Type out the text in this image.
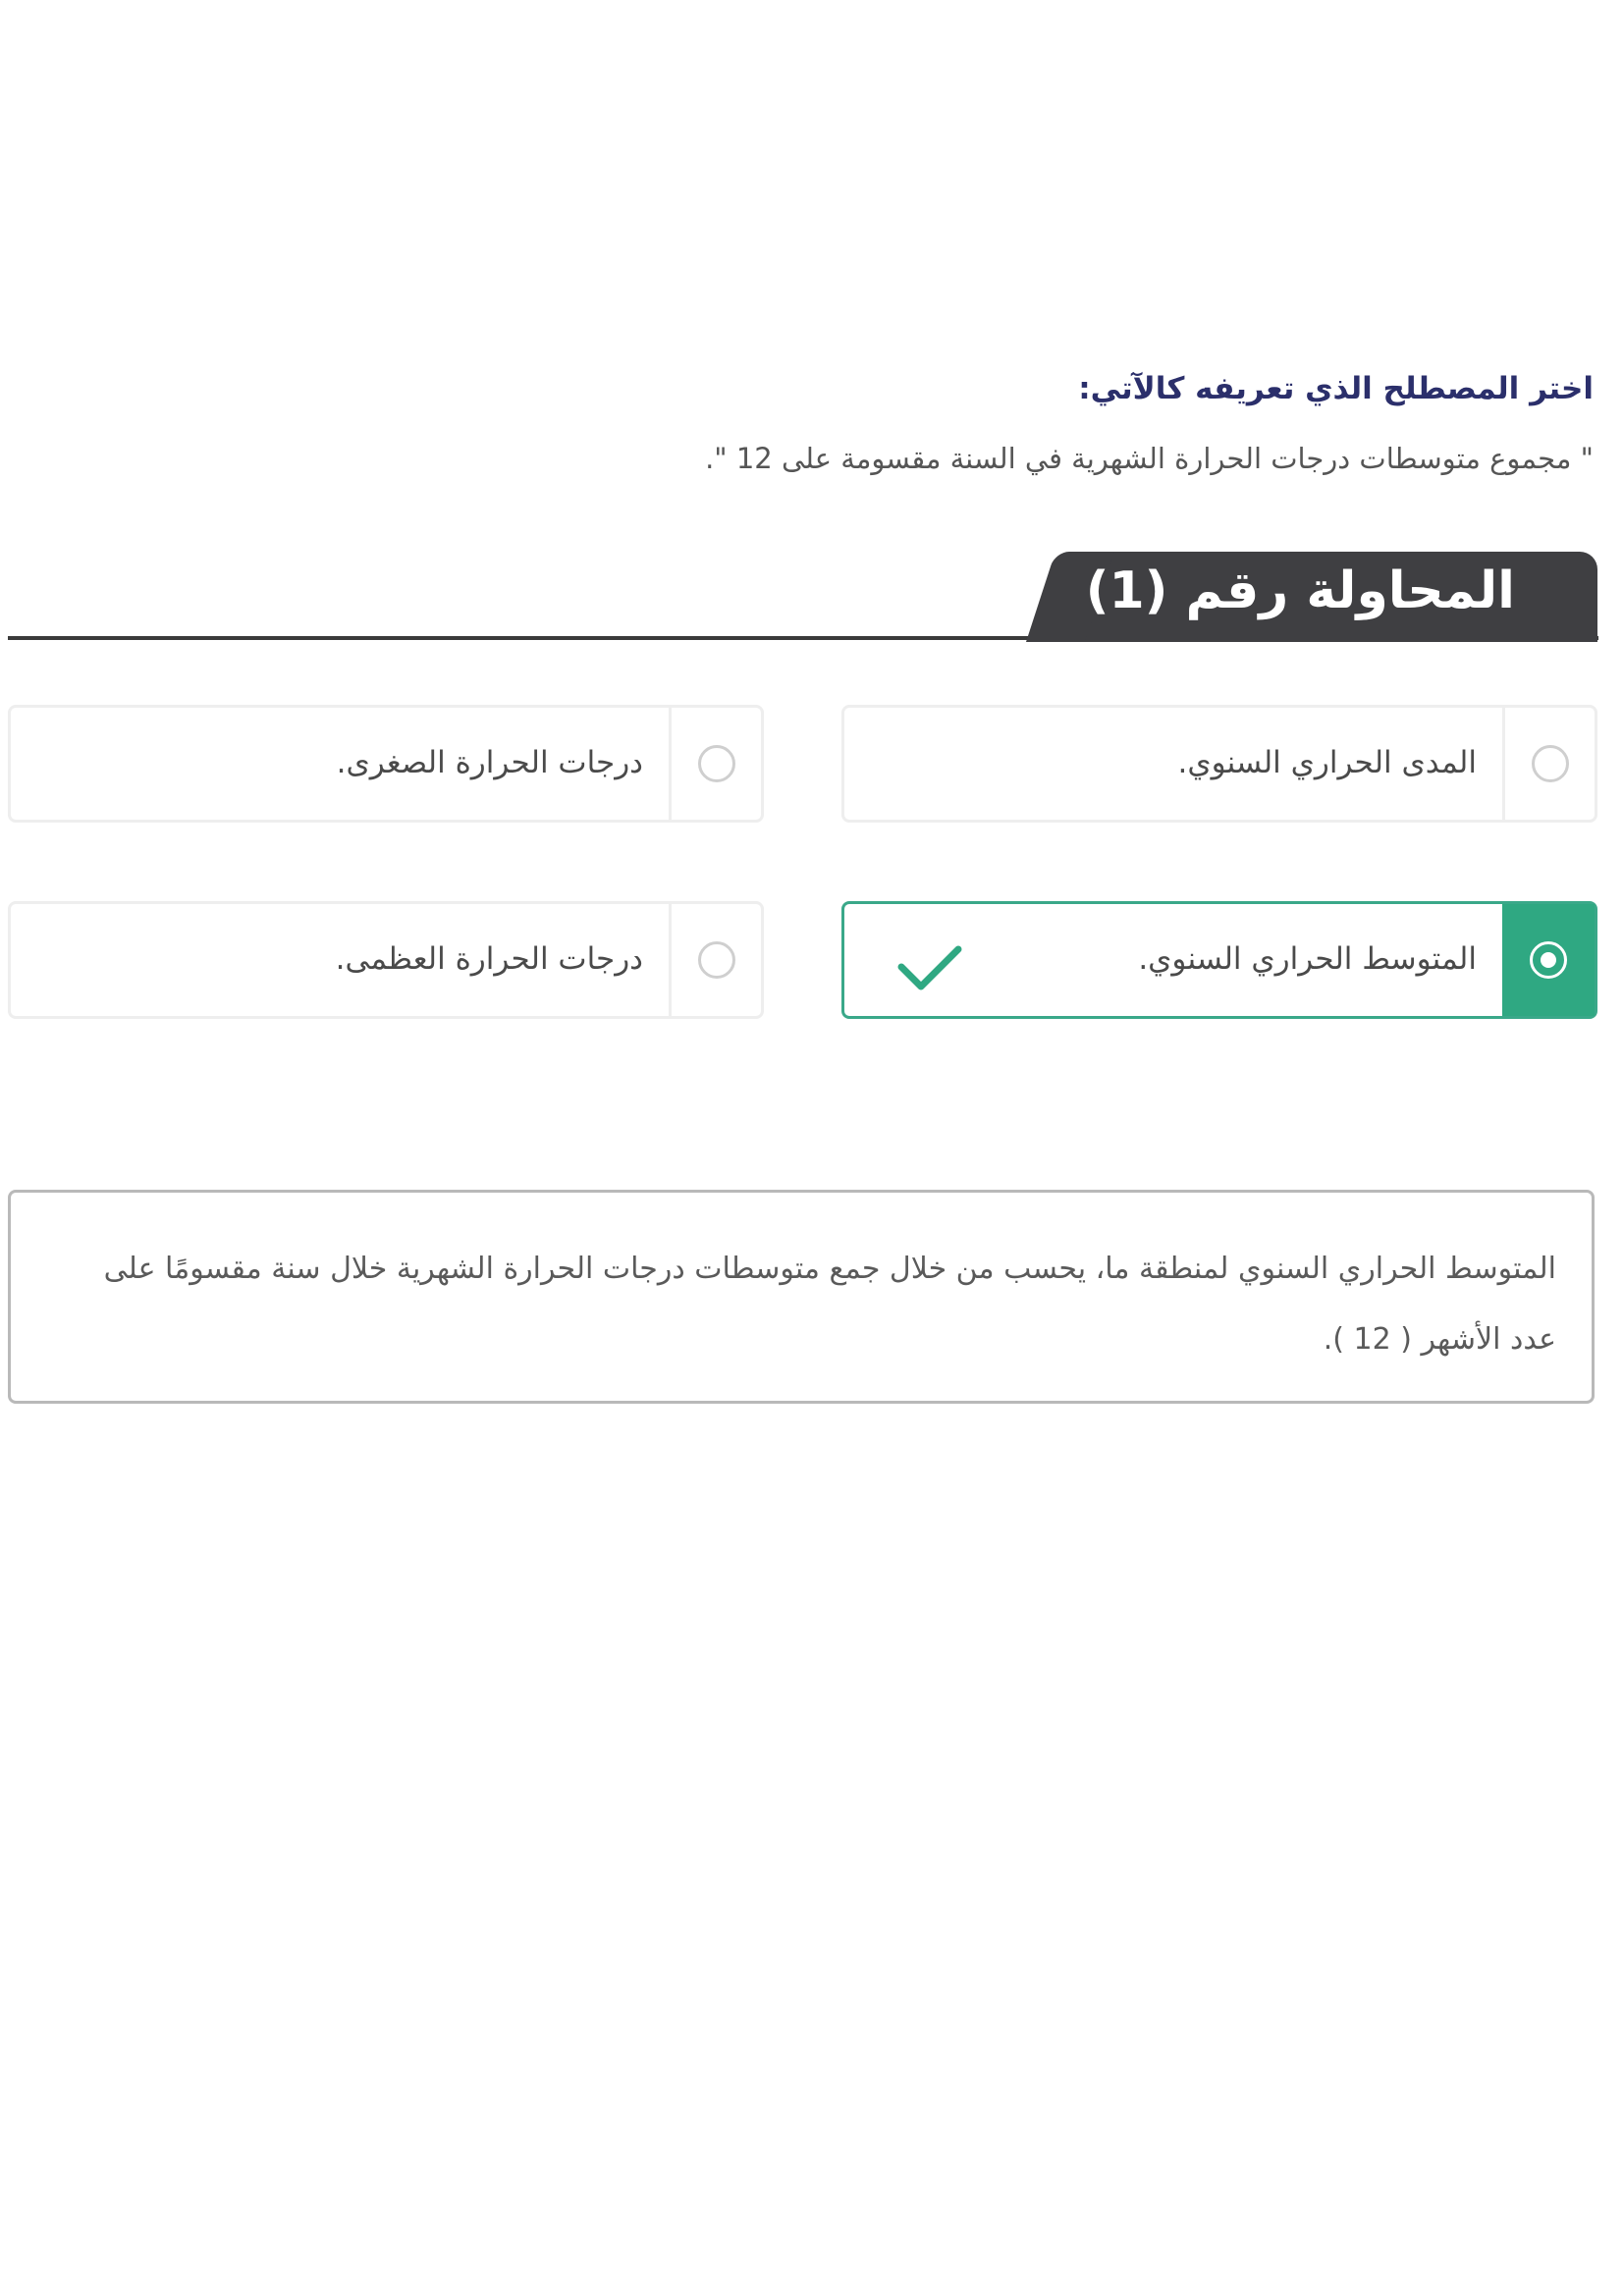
اختر المصطلح الذي تعريفه كالآتي:
" مجموع متوسطات درجات الحرارة الشهرية في السنة مقسومة على 12 ".
المحاولة رقم (1)
المدى الحراري السنوي.
درجات الحرارة الصغرى.
المتوسط الحراري السنوي.
درجات الحرارة العظمى.
المتوسط الحراري السنوي لمنطقة ما، يحسب من خلال جمع متوسطات درجات الحرارة الشهرية خلال سنة مقسومًا على عدد الأشهر ( 12 ).
